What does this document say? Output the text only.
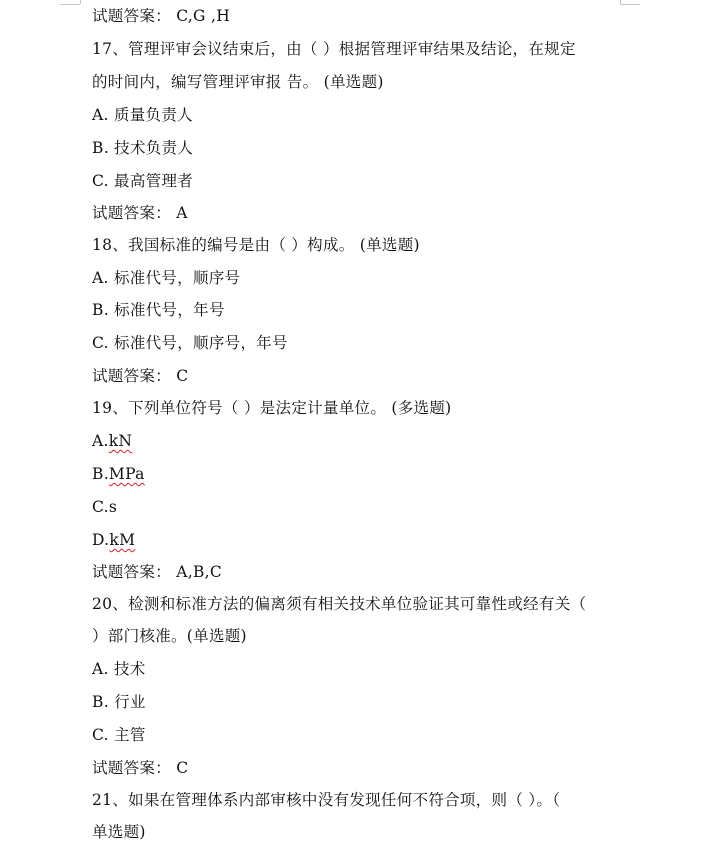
试题答案： C,G ,H
17、管理评审会议结束后，由（ ）根据管理评审结果及结论，在规定
的时间内，编写管理评审报 告。 (单选题)
A. 质量负责人
B. 技术负责人
C. 最高管理者
试题答案： A
18、我国标准的编号是由（ ）构成。 (单选题)
A. 标准代号，顺序号
B. 标准代号，年号
C. 标准代号，顺序号，年号
试题答案： C
19、下列单位符号（ ）是法定计量单位。 (多选题)
A.kN
B.MPa
C.s
D.kM
试题答案： A,B,C
20、检测和标准方法的偏离须有相关技术单位验证其可靠性或经有关（
）部门核准。(单选题)
A. 技术
B. 行业
C. 主管
试题答案： C
21、如果在管理体系内部审核中没有发现任何不符合项，则（ ）。（
单选题)
